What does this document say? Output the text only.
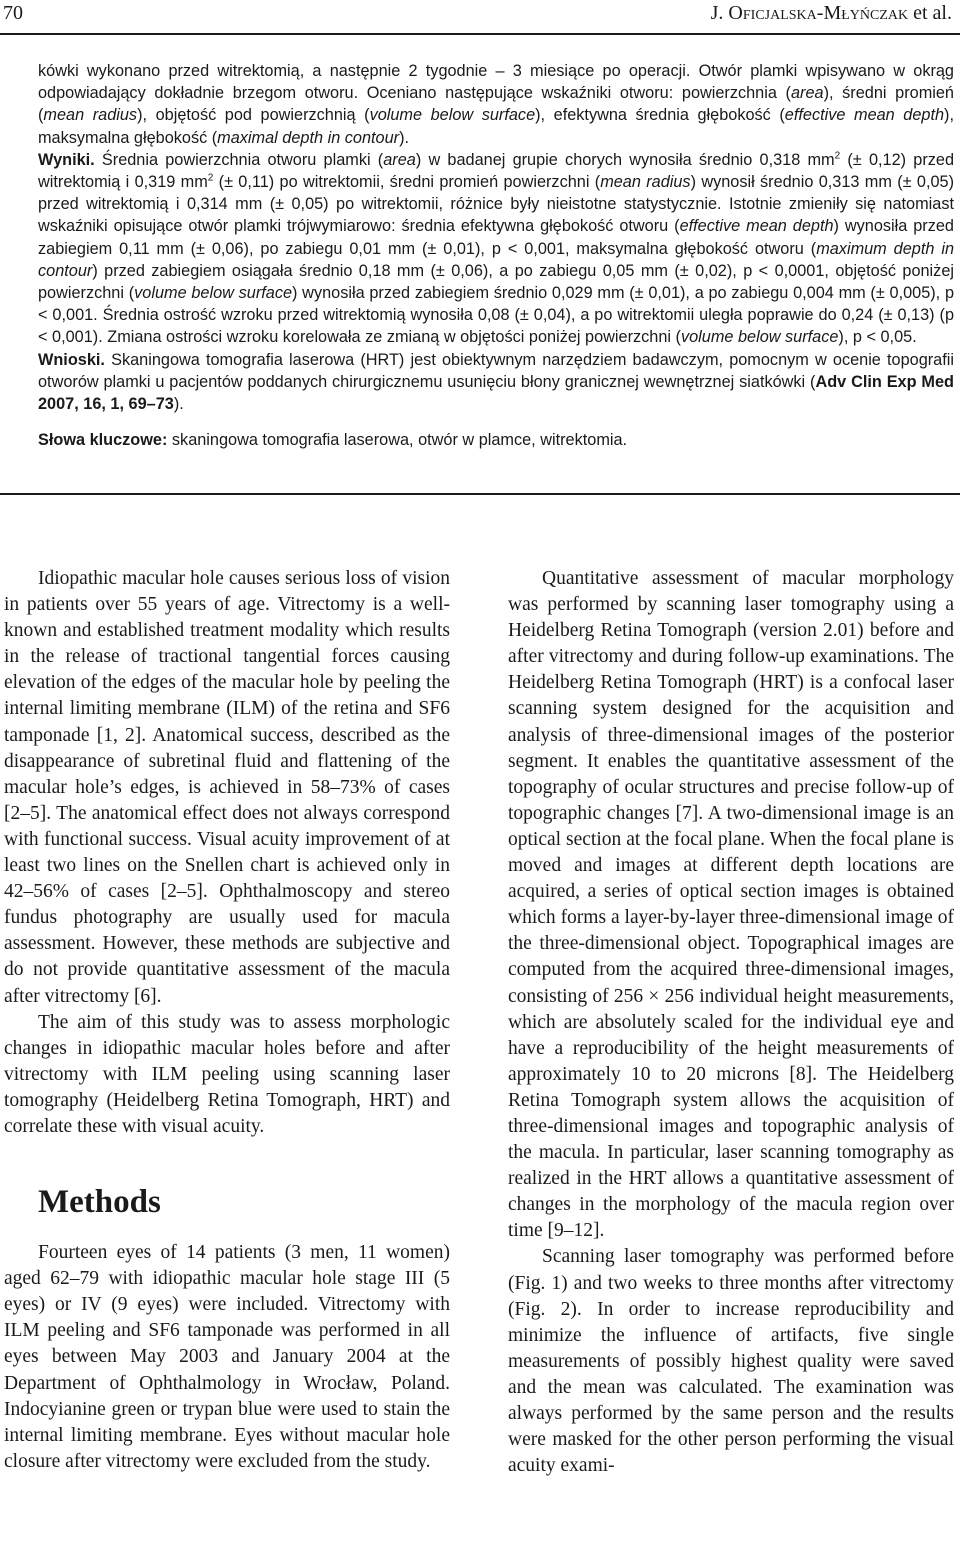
70	J. Oficjalska-Młyńczak et al.

kówki wykonano przed witrektomią, a następnie 2 tygodnie – 3 miesiące po operacji. Otwór plamki wpisywano w okrąg odpowiadający dokładnie brzegom otworu. Oceniano następujące wskaźniki otworu: powierzchnia (area), średni promień (mean radius), objętość pod powierzchnią (volume below surface), efektywna średnia głębokość (effective mean depth), maksymalna głębokość (maximal depth in contour).

Wyniki. Średnia powierzchnia otworu plamki (area) w badanej grupie chorych wynosiła średnio 0,318 $mm^2$ (± 0,12) przed witrektomią i 0,319 $mm^2$ (± 0,11) po witrektomii, średni promień powierzchni (mean radius) wynosił średnio 0,313 mm (± 0,05) przed witrektomią i 0,314 mm (± 0,05) po witrektomii, różnice były nieistotne statystycznie. Istotnie zmieniły się natomiast wskaźniki opisujące otwór plamki trójwymiarowo: średnia efektywna głębokość otworu (effective mean depth) wynosiła przed zabiegiem 0,11 mm (± 0,06), po zabiegu 0,01 mm (± 0,01), p < 0,001, maksymalna głębokość otworu (maximum depth in contour) przed zabiegiem osiągała średnio 0,18 mm (± 0,06), a po zabiegu 0,05 mm (± 0,02), p < 0,0001, objętość poniżej powierzchni (volume below surface) wynosiła przed zabiegiem średnio 0,029 mm (± 0,01), a po zabiegu 0,004 mm (± 0,005), p < 0,001. Średnia ostrość wzroku przed witrektomią wynosiła 0,08 (± 0,04), a po witrektomii uległa poprawie do 0,24 (± 0,13) (p < 0,001). Zmiana ostrości wzroku korelowała ze zmianą w objętości poniżej powierzchni (volume below surface), p < 0,05.

Wnioski. Skaningowa tomografia laserowa (HRT) jest obiektywnym narzędziem badawczym, pomocnym w ocenie topografii otworów plamki u pacjentów poddanych chirurgicznemu usunięciu błony granicznej wewnętrznej siatkówki (Adv Clin Exp Med 2007, 16, 1, 69–73).

Słowa kluczowe: skaningowa tomografia laserowa, otwór w plamce, witrektomia.

Idiopathic macular hole causes serious loss of vision in patients over 55 years of age. Vitrectomy is a well-known and established treatment modality which results in the release of tractional tangential forces causing elevation of the edges of the macular hole by peeling the internal limiting membrane (ILM) of the retina and SF6 tamponade [1, 2]. Anatomical success, described as the disappearance of subretinal fluid and flattening of the macular hole’s edges, is achieved in 58–73% of cases [2–5]. The anatomical effect does not always correspond with functional success. Visual acuity improvement of at least two lines on the Snellen chart is achieved only in 42–56% of cases [2–5]. Ophthalmoscopy and stereo fundus photography are usually used for macula assessment. However, these methods are subjective and do not provide quantitative assessment of the macula after vitrectomy [6].

The aim of this study was to assess morphologic changes in idiopathic macular holes before and after vitrectomy with ILM peeling using scanning laser tomography (Heidelberg Retina Tomograph, HRT) and correlate these with visual acuity.

Methods

Fourteen eyes of 14 patients (3 men, 11 women) aged 62–79 with idiopathic macular hole stage III (5 eyes) or IV (9 eyes) were included. Vitrectomy with ILM peeling and SF6 tamponade was performed in all eyes between May 2003 and January 2004 at the Department of Ophthalmology in Wrocław, Poland. Indocyianine green or trypan blue were used to stain the internal limiting membrane. Eyes without macular hole closure after vitrectomy were excluded from the study.

Quantitative assessment of macular morphology was performed by scanning laser tomography using a Heidelberg Retina Tomograph (version 2.01) before and after vitrectomy and during follow-up examinations. The Heidelberg Retina Tomograph (HRT) is a confocal laser scanning system designed for the acquisition and analysis of three-dimensional images of the posterior segment. It enables the quantitative assessment of the topography of ocular structures and precise follow-up of topographic changes [7]. A two-dimensional image is an optical section at the focal plane. When the focal plane is moved and images at different depth locations are acquired, a series of optical section images is obtained which forms a layer-by-layer three-dimensional image of the three-dimensional object. Topographical images are computed from the acquired three-dimensional images, consisting of 256 × 256 individual height measurements, which are absolutely scaled for the individual eye and have a reproducibility of the height measurements of approximately 10 to 20 microns [8]. The Heidelberg Retina Tomograph system allows the acquisition of three-dimensional images and topographic analysis of the macula. In particular, laser scanning tomography as realized in the HRT allows a quantitative assessment of changes in the morphology of the macula region over time [9–12].

Scanning laser tomography was performed before (Fig. 1) and two weeks to three months after vitrectomy (Fig. 2). In order to increase reproducibility and minimize the influence of artifacts, five single measurements of possibly highest quality were saved and the mean was calculated. The examination was always performed by the same person and the results were masked for the other person performing the visual acuity exami-
